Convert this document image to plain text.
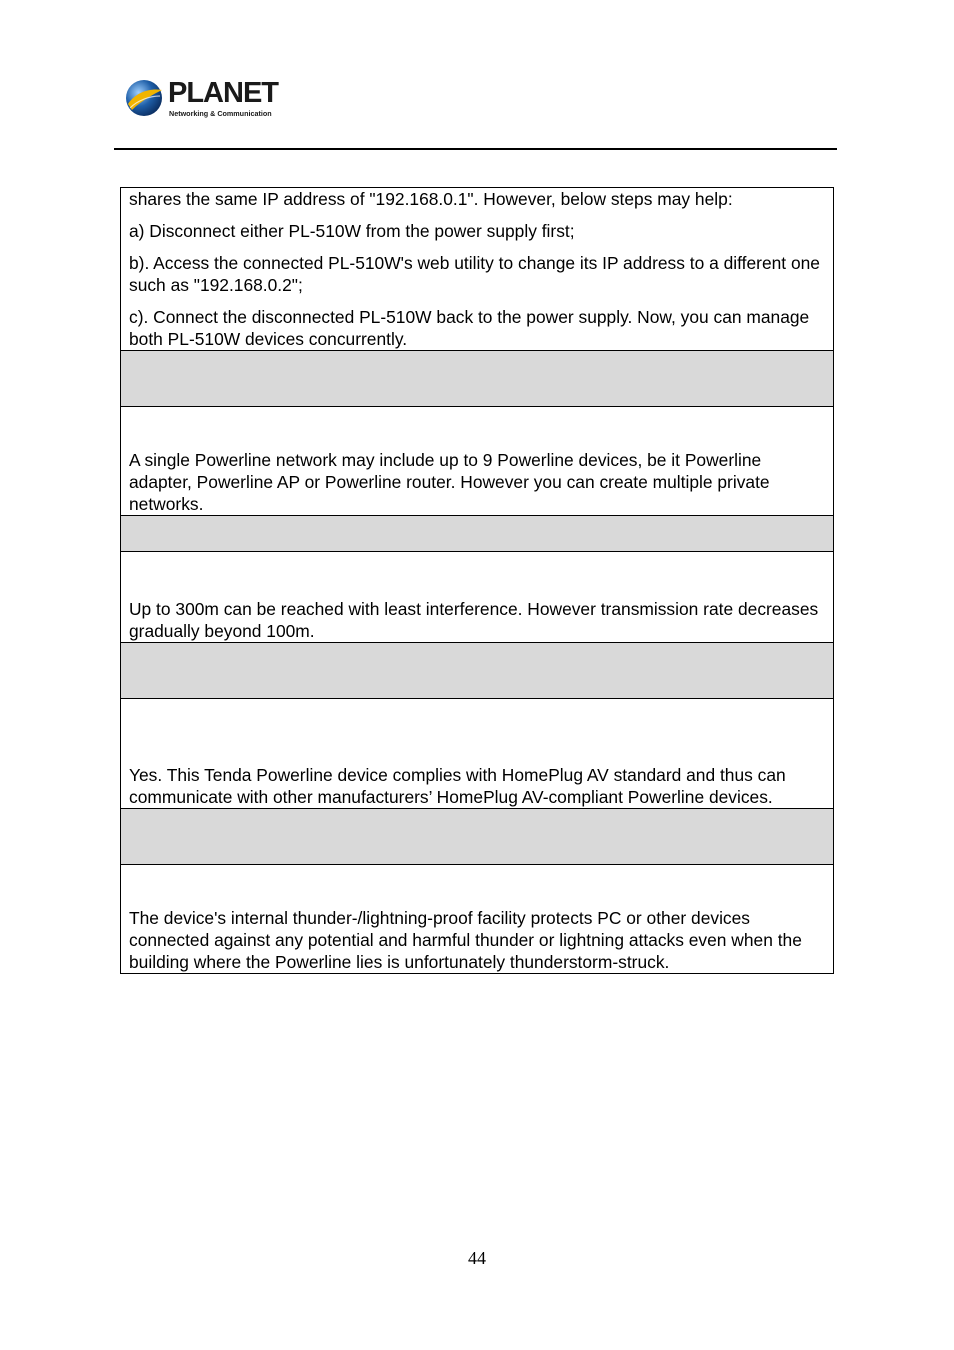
PLANET
Networking & Communication

shares the same IP address of "192.168.0.1". However, below steps may help:

a) Disconnect either PL-510W from the power supply first;

b). Access the connected PL-510W's web utility to change its IP address to a different one such as "192.168.0.2";

c). Connect the disconnected PL-510W back to the power supply. Now, you can manage both PL-510W devices concurrently.

A single Powerline network may include up to 9 Powerline devices, be it Powerline adapter, Powerline AP or Powerline router. However you can create multiple private networks.

Up to 300m can be reached with least interference. However transmission rate decreases gradually beyond 100m.

Yes. This Tenda Powerline device complies with HomePlug AV standard and thus can communicate with other manufacturers’ HomePlug AV-compliant Powerline devices.

The device's internal thunder-/lightning-proof facility protects PC or other devices connected against any potential and harmful thunder or lightning attacks even when the building where the Powerline lies is unfortunately thunderstorm-struck.
44
